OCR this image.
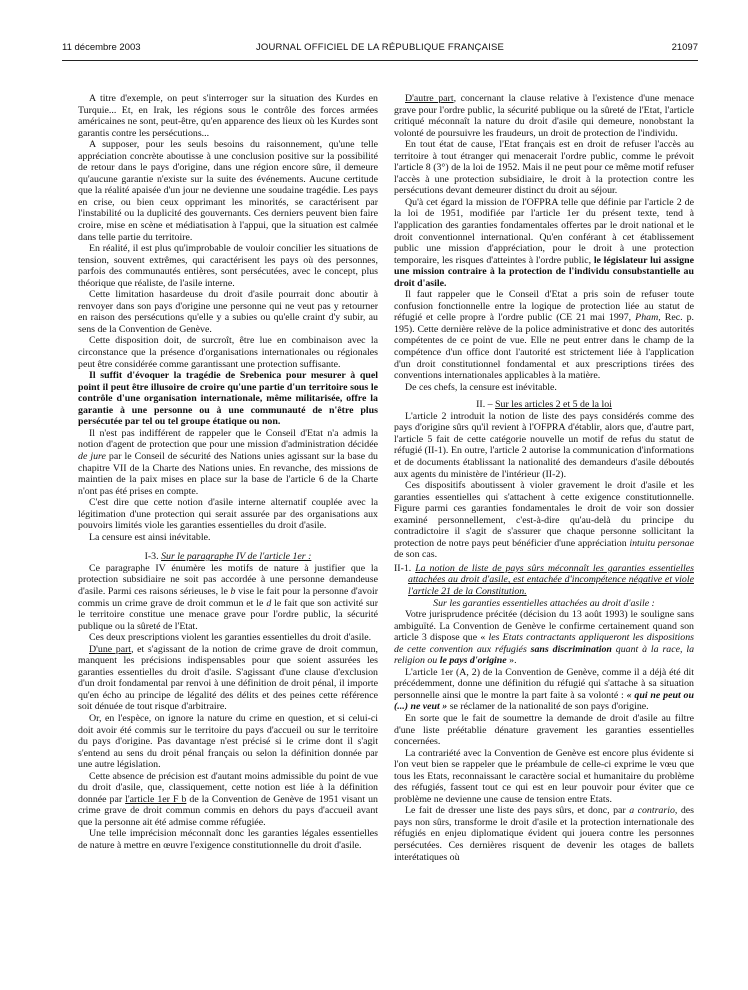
11 décembre 2003	JOURNAL OFFICIEL DE LA RÉPUBLIQUE FRANÇAISE	21097

A titre d'exemple, on peut s'interroger sur la situation des Kurdes en Turquie... Et, en Irak, les régions sous le contrôle des forces armées américaines ne sont, peut-être, qu'en apparence des lieux où les Kurdes sont garantis contre les persécutions...

A supposer, pour les seuls besoins du raisonnement, qu'une telle appréciation concrète aboutisse à une conclusion positive sur la possibilité de retour dans le pays d'origine, dans une région encore sûre, il demeure qu'aucune garantie n'existe sur la suite des événements. Aucune certitude que la réalité apaisée d'un jour ne devienne une soudaine tragédie. Les pays en crise, ou bien ceux opprimant les minorités, se caractérisent par l'instabilité ou la duplicité des gouvernants. Ces derniers peuvent bien faire croire, mise en scène et médiatisation à l'appui, que la situation est calmée dans telle partie du territoire.

En réalité, il est plus qu'improbable de vouloir concilier les situations de tension, souvent extrêmes, qui caractérisent les pays où des personnes, parfois des communautés entières, sont persécutées, avec le concept, plus théorique que réaliste, de l'asile interne.

Cette limitation hasardeuse du droit d'asile pourrait donc aboutir à renvoyer dans son pays d'origine une personne qui ne veut pas y retourner en raison des persécutions qu'elle y a subies ou qu'elle craint d'y subir, au sens de la Convention de Genève.

Cette disposition doit, de surcroît, être lue en combinaison avec la circonstance que la présence d'organisations internationales ou régionales peut être considérée comme garantissant une protection suffisante.

Il suffit d'évoquer la tragédie de Srebenica pour mesurer à quel point il peut être illusoire de croire qu'une partie d'un territoire sous le contrôle d'une organisation internationale, même militarisée, offre la garantie à une personne ou à une communauté de n'être plus persécutée par tel ou tel groupe étatique ou non.

Il n'est pas indifférent de rappeler que le Conseil d'Etat n'a admis la notion d'agent de protection que pour une mission d'administration décidée de jure par le Conseil de sécurité des Nations unies agissant sur la base du chapitre VII de la Charte des Nations unies. En revanche, des missions de maintien de la paix mises en place sur la base de l'article 6 de la Charte n'ont pas été prises en compte.

C'est dire que cette notion d'asile interne alternatif couplée avec la légitimation d'une protection qui serait assurée par des organisations aux pouvoirs limités viole les garanties essentielles du droit d'asile.

La censure est ainsi inévitable.

I-3. Sur le paragraphe IV de l'article 1er :

Ce paragraphe IV énumère les motifs de nature à justifier que la protection subsidiaire ne soit pas accordée à une personne demandeuse d'asile. Parmi ces raisons sérieuses, le b vise le fait pour la personne d'avoir commis un crime grave de droit commun et le d le fait que son activité sur le territoire constitue une menace grave pour l'ordre public, la sécurité publique ou la sûreté de l'Etat.

Ces deux prescriptions violent les garanties essentielles du droit d'asile.

D'une part, et s'agissant de la notion de crime grave de droit commun, manquent les précisions indispensables pour que soient assurées les garanties essentielles du droit d'asile. S'agissant d'une clause d'exclusion d'un droit fondamental par renvoi à une définition de droit pénal, il importe qu'en écho au principe de légalité des délits et des peines cette référence soit dénuée de tout risque d'arbitraire.

Or, en l'espèce, on ignore la nature du crime en question, et si celui-ci doit avoir été commis sur le territoire du pays d'accueil ou sur le territoire du pays d'origine. Pas davantage n'est précisé si le crime dont il s'agit s'entend au sens du droit pénal français ou selon la définition donnée par une autre législation.

Cette absence de précision est d'autant moins admissible du point de vue du droit d'asile, que, classiquement, cette notion est liée à la définition donnée par l'article 1er F b de la Convention de Genève de 1951 visant un crime grave de droit commun commis en dehors du pays d'accueil avant que la personne ait été admise comme réfugiée.

Une telle imprécision méconnaît donc les garanties légales essentielles de nature à mettre en œuvre l'exigence constitutionnelle du droit d'asile.

D'autre part, concernant la clause relative à l'existence d'une menace grave pour l'ordre public, la sécurité publique ou la sûreté de l'Etat, l'article critiqué méconnaît la nature du droit d'asile qui demeure, nonobstant la volonté de poursuivre les fraudeurs, un droit de protection de l'individu.

En tout état de cause, l'Etat français est en droit de refuser l'accès au territoire à tout étranger qui menacerait l'ordre public, comme le prévoit l'article 8 (3°) de la loi de 1952. Mais il ne peut pour ce même motif refuser l'accès à une protection subsidiaire, le droit à la protection contre les persécutions devant demeurer distinct du droit au séjour.

Qu'à cet égard la mission de l'OFPRA telle que définie par l'article 2 de la loi de 1951, modifiée par l'article 1er du présent texte, tend à l'application des garanties fondamentales offertes par le droit national et le droit conventionnel international. Qu'en conférant à cet établissement public une mission d'appréciation, pour le droit à une protection temporaire, les risques d'atteintes à l'ordre public, le législateur lui assigne une mission contraire à la protection de l'individu consubstantielle au droit d'asile.

Il faut rappeler que le Conseil d'Etat a pris soin de refuser toute confusion fonctionnelle entre la logique de protection liée au statut de réfugié et celle propre à l'ordre public (CE 21 mai 1997, Pham, Rec. p. 195). Cette dernière relève de la police administrative et donc des autorités compétentes de ce point de vue. Elle ne peut entrer dans le champ de la compétence d'un office dont l'autorité est strictement liée à l'application d'un droit constitutionnel fondamental et aux prescriptions tirées des conventions internationales applicables à la matière.

De ces chefs, la censure est inévitable.

II. – Sur les articles 2 et 5 de la loi

L'article 2 introduit la notion de liste des pays considérés comme des pays d'origine sûrs qu'il revient à l'OFPRA d'établir, alors que, d'autre part, l'article 5 fait de cette catégorie nouvelle un motif de refus du statut de réfugié (II-1). En outre, l'article 2 autorise la communication d'informations et de documents établissant la nationalité des demandeurs d'asile déboutés aux agents du ministère de l'intérieur (II-2).

Ces dispositifs aboutissent à violer gravement le droit d'asile et les garanties essentielles qui s'attachent à cette exigence constitutionnelle. Figure parmi ces garanties fondamentales le droit de voir son dossier examiné personnellement, c'est-à-dire qu'au-delà du principe du contradictoire il s'agit de s'assurer que chaque personne sollicitant la protection de notre pays peut bénéficier d'une appréciation intuitu personae de son cas.

II-1. La notion de liste de pays sûrs méconnaît les garanties essentielles attachées au droit d'asile, est entachée d'incompétence négative et viole l'article 21 de la Constitution.

Sur les garanties essentielles attachées au droit d'asile :

Votre jurisprudence précitée (décision du 13 août 1993) le souligne sans ambiguïté. La Convention de Genève le confirme certainement quand son article 3 dispose que « les Etats contractants appliqueront les dispositions de cette convention aux réfugiés sans discrimination quant à la race, la religion ou le pays d'origine ».

L'article 1er (A, 2) de la Convention de Genève, comme il a déjà été dit précédemment, donne une définition du réfugié qui s'attache à sa situation personnelle ainsi que le montre la part faite à sa volonté : « qui ne peut ou (...) ne veut » se réclamer de la nationalité de son pays d'origine.

En sorte que le fait de soumettre la demande de droit d'asile au filtre d'une liste préétablie dénature gravement les garanties essentielles concernées.

La contrariété avec la Convention de Genève est encore plus évidente si l'on veut bien se rappeler que le préambule de celle-ci exprime le vœu que tous les Etats, reconnaissant le caractère social et humanitaire du problème des réfugiés, fassent tout ce qui est en leur pouvoir pour éviter que ce problème ne devienne une cause de tension entre Etats.

Le fait de dresser une liste des pays sûrs, et donc, par a contrario, des pays non sûrs, transforme le droit d'asile et la protection internationale des réfugiés en enjeu diplomatique évident qui jouera contre les personnes persécutées. Ces dernières risquent de devenir les otages de ballets interétatiques où
